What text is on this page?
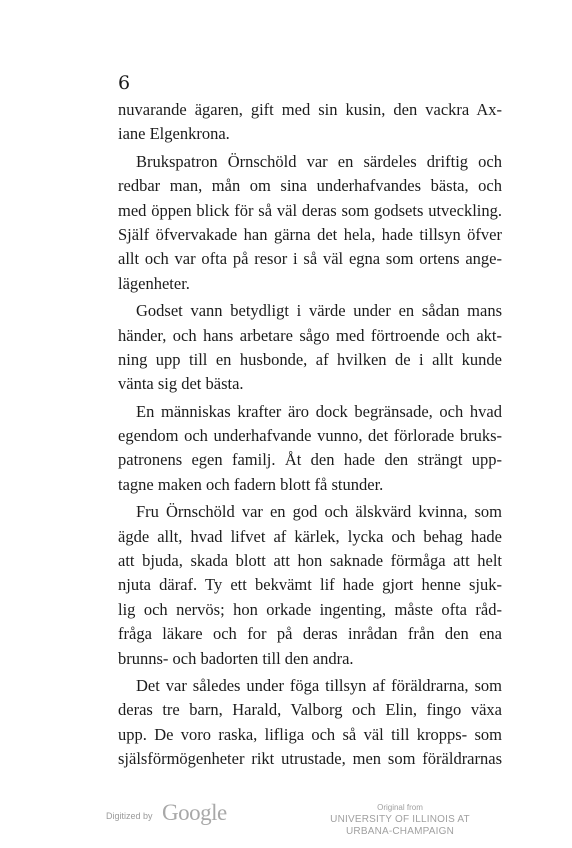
6
nuvarande ägaren, gift med sin kusin, den vackra Ax-
iane Elgenkrona.
Brukspatron Örnschöld var en särdeles driftig och
redbar man, mån om sina underhafvandes bästa, och
med öppen blick för så väl deras som godsets utveckling.
Själf öfvervakade han gärna det hela, hade tillsyn öfver
allt och var ofta på resor i så väl egna som ortens ange-
lägenheter.
Godset vann betydligt i värde under en sådan mans
händer, och hans arbetare sågo med förtroende och akt-
ning upp till en husbonde, af hvilken de i allt kunde
vänta sig det bästa.
En människas krafter äro dock begränsade, och hvad
egendom och underhafvande vunno, det förlorade bruks-
patronens egen familj. Åt den hade den strängt upp-
tagne maken och fadern blott få stunder.
Fru Örnschöld var en god och älskvärd kvinna, som
ägde allt, hvad lifvet af kärlek, lycka och behag hade
att bjuda, skada blott att hon saknade förmåga att helt
njuta däraf. Ty ett bekvämt lif hade gjort henne sjuk-
lig och nervös; hon orkade ingenting, måste ofta råd-
fråga läkare och for på deras inrådan från den ena
brunns- och badorten till den andra.
Det var således under föga tillsyn af föräldrarna, som
deras tre barn, Harald, Valborg och Elin, fingo växa
upp. De voro raska, lifliga och så väl till kropps- som
själsförmögenheter rikt utrustade, men som föräldrarnas
Digitized by Google	Original from
UNIVERSITY OF ILLINOIS AT
URBANA-CHAMPAIGN
